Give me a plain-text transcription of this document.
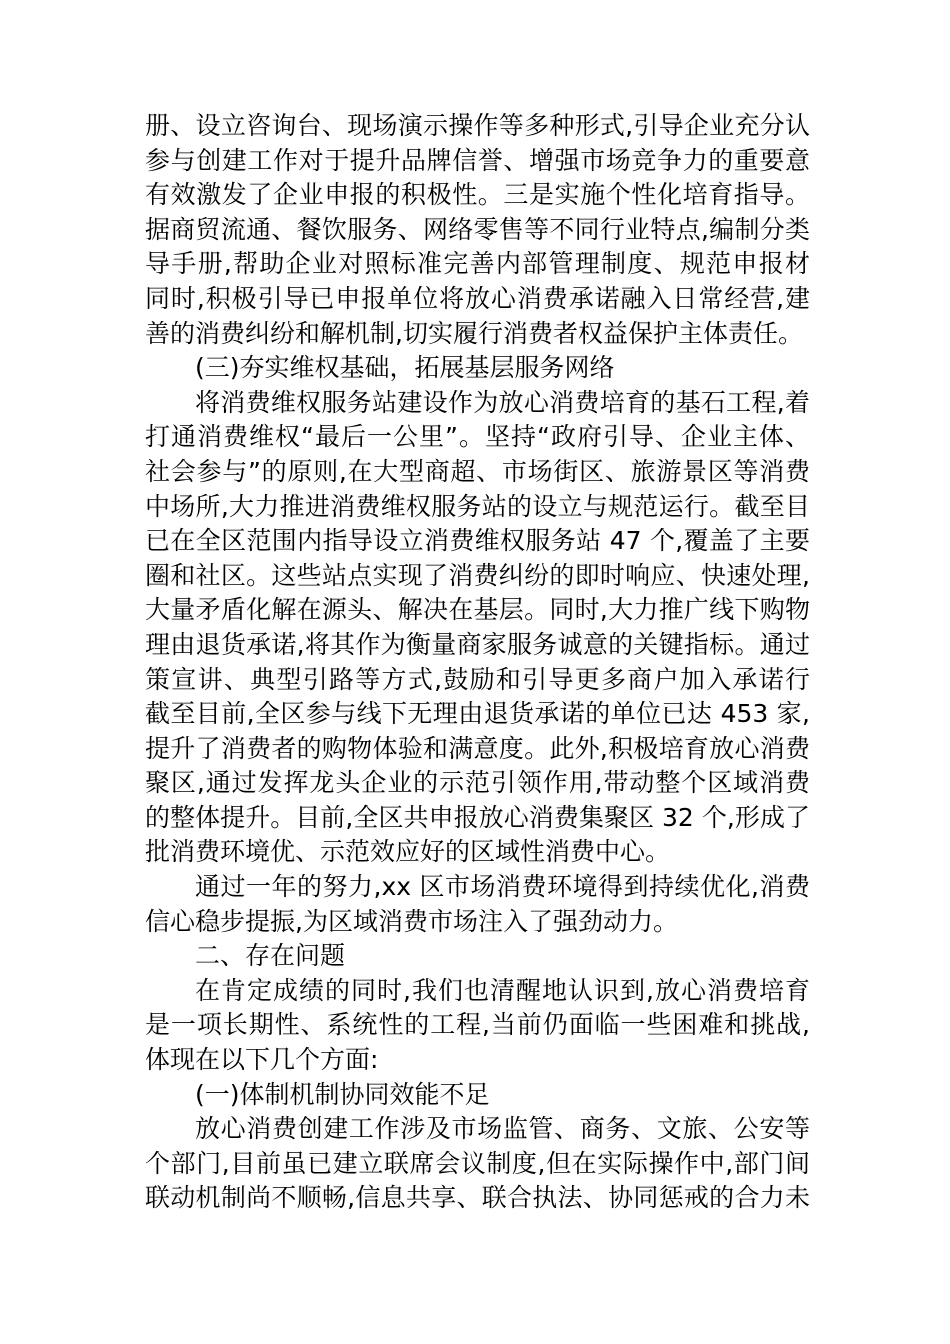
册、设立咨询台、现场演示操作等多种形式,引导企业充分认
参与创建工作对于提升品牌信誉、增强市场竞争力的重要意
有效激发了企业申报的积极性。三是实施个性化培育指导。
据商贸流通、餐饮服务、网络零售等不同行业特点,编制分类
导手册,帮助企业对照标准完善内部管理制度、规范申报材
同时,积极引导已申报单位将放心消费承诺融入日常经营,建
善的消费纠纷和解机制,切实履行消费者权益保护主体责任。
(三)夯实维权基础，拓展基层服务网络
将消费维权服务站建设作为放心消费培育的基石工程,着
打通消费维权“最后一公里”。坚持“政府引导、企业主体、
社会参与”的原则,在大型商超、市场街区、旅游景区等消费
中场所,大力推进消费维权服务站的设立与规范运行。截至目
已在全区范围内指导设立消费维权服务站 47 个,覆盖了主要
圈和社区。这些站点实现了消费纠纷的即时响应、快速处理,
大量矛盾化解在源头、解决在基层。同时,大力推广线下购物
理由退货承诺,将其作为衡量商家服务诚意的关键指标。通过
策宣讲、典型引路等方式,鼓励和引导更多商户加入承诺行
截至目前,全区参与线下无理由退货承诺的单位已达 453 家,
提升了消费者的购物体验和满意度。此外,积极培育放心消费
聚区,通过发挥龙头企业的示范引领作用,带动整个区域消费
的整体提升。目前,全区共申报放心消费集聚区 32 个,形成了
批消费环境优、示范效应好的区域性消费中心。
通过一年的努力,xx 区市场消费环境得到持续优化,消费
信心稳步提振,为区域消费市场注入了强劲动力。
二、存在问题
在肯定成绩的同时,我们也清醒地认识到,放心消费培育
是一项长期性、系统性的工程,当前仍面临一些困难和挑战,
体现在以下几个方面:
(一)体制机制协同效能不足
放心消费创建工作涉及市场监管、商务、文旅、公安等
个部门,目前虽已建立联席会议制度,但在实际操作中,部门间
联动机制尚不顺畅,信息共享、联合执法、协同惩戒的合力未
